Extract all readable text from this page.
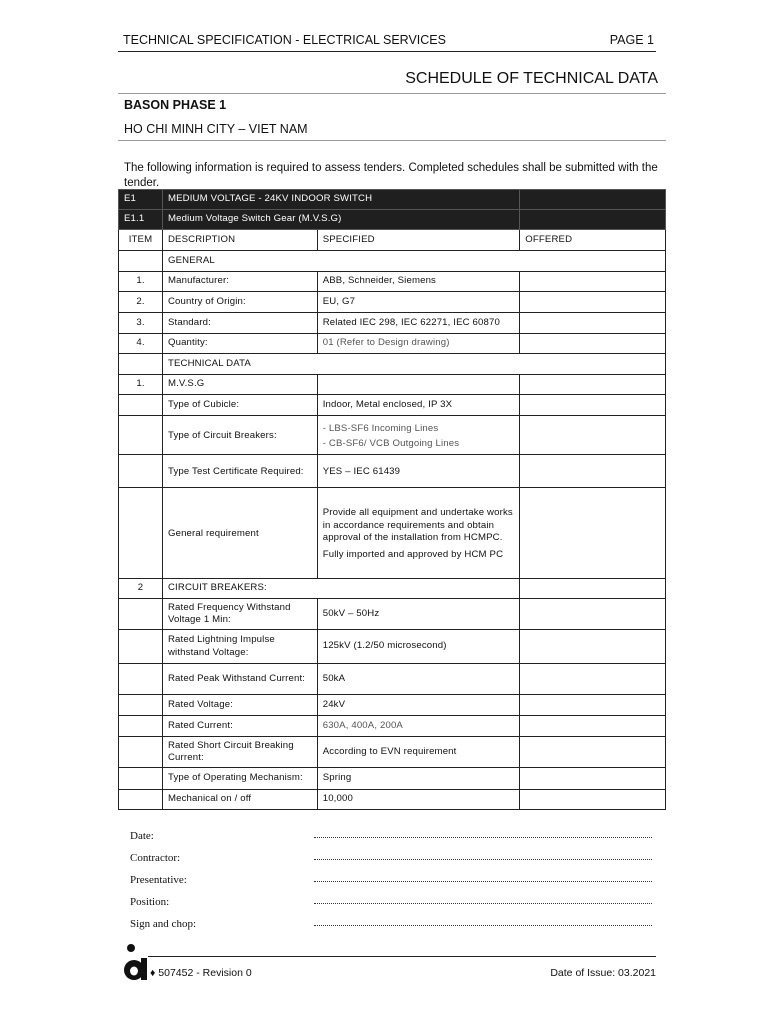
TECHNICAL SPECIFICATION - ELECTRICAL SERVICES	PAGE 1
SCHEDULE OF TECHNICAL DATA
BASON PHASE 1
HO CHI MINH CITY – VIET NAM
The following information is required to assess tenders. Completed schedules shall be submitted with the tender.
E1	MEDIUM VOLTAGE - 24KV INDOOR SWITCH		
E1.1	Medium Voltage Switch Gear (M.V.S.G)		
ITEM	DESCRIPTION	SPECIFIED	OFFERED
	GENERAL		
1.	Manufacturer:	ABB, Schneider, Siemens	
2.	Country of Origin:	EU, G7	
3.	Standard:	Related IEC 298, IEC 62271, IEC 60870	
4.	Quantity:	01 (Refer to Design drawing)	
	TECHNICAL DATA		
1.	M.V.S.G		
	Type of Cubicle:	Indoor, Metal enclosed, IP 3X	
	Type of Circuit Breakers:	- LBS-SF6 Incoming Lines
- CB-SF6/ VCB Outgoing Lines	

	Type Test Certificate Required:	YES – IEC 61439	
	General requirement	Provide all equipment and undertake works in accordance requirements and obtain approval of the installation from HCMPC.

Fully imported and approved by HCM PC	

2	CIRCUIT BREAKERS:		
	Rated Frequency Withstand Voltage 1 Min:	50kV – 50Hz	
	Rated Lightning Impulse withstand Voltage:	125kV (1.2/50 microsecond)	
	Rated Peak Withstand Current:	50kA	
	Rated Voltage:	24kV	
	Rated Current:	630A, 400A, 200A	
	Rated Short Circuit Breaking Current:	According to EVN requirement	
	Type of Operating Mechanism:	Spring	
	Mechanical on / off	10,000	
Date:
Contractor:
Presentative:
Position:
Sign and chop:
♦ 507452 - Revision 0	Date of Issue: 03.2021
